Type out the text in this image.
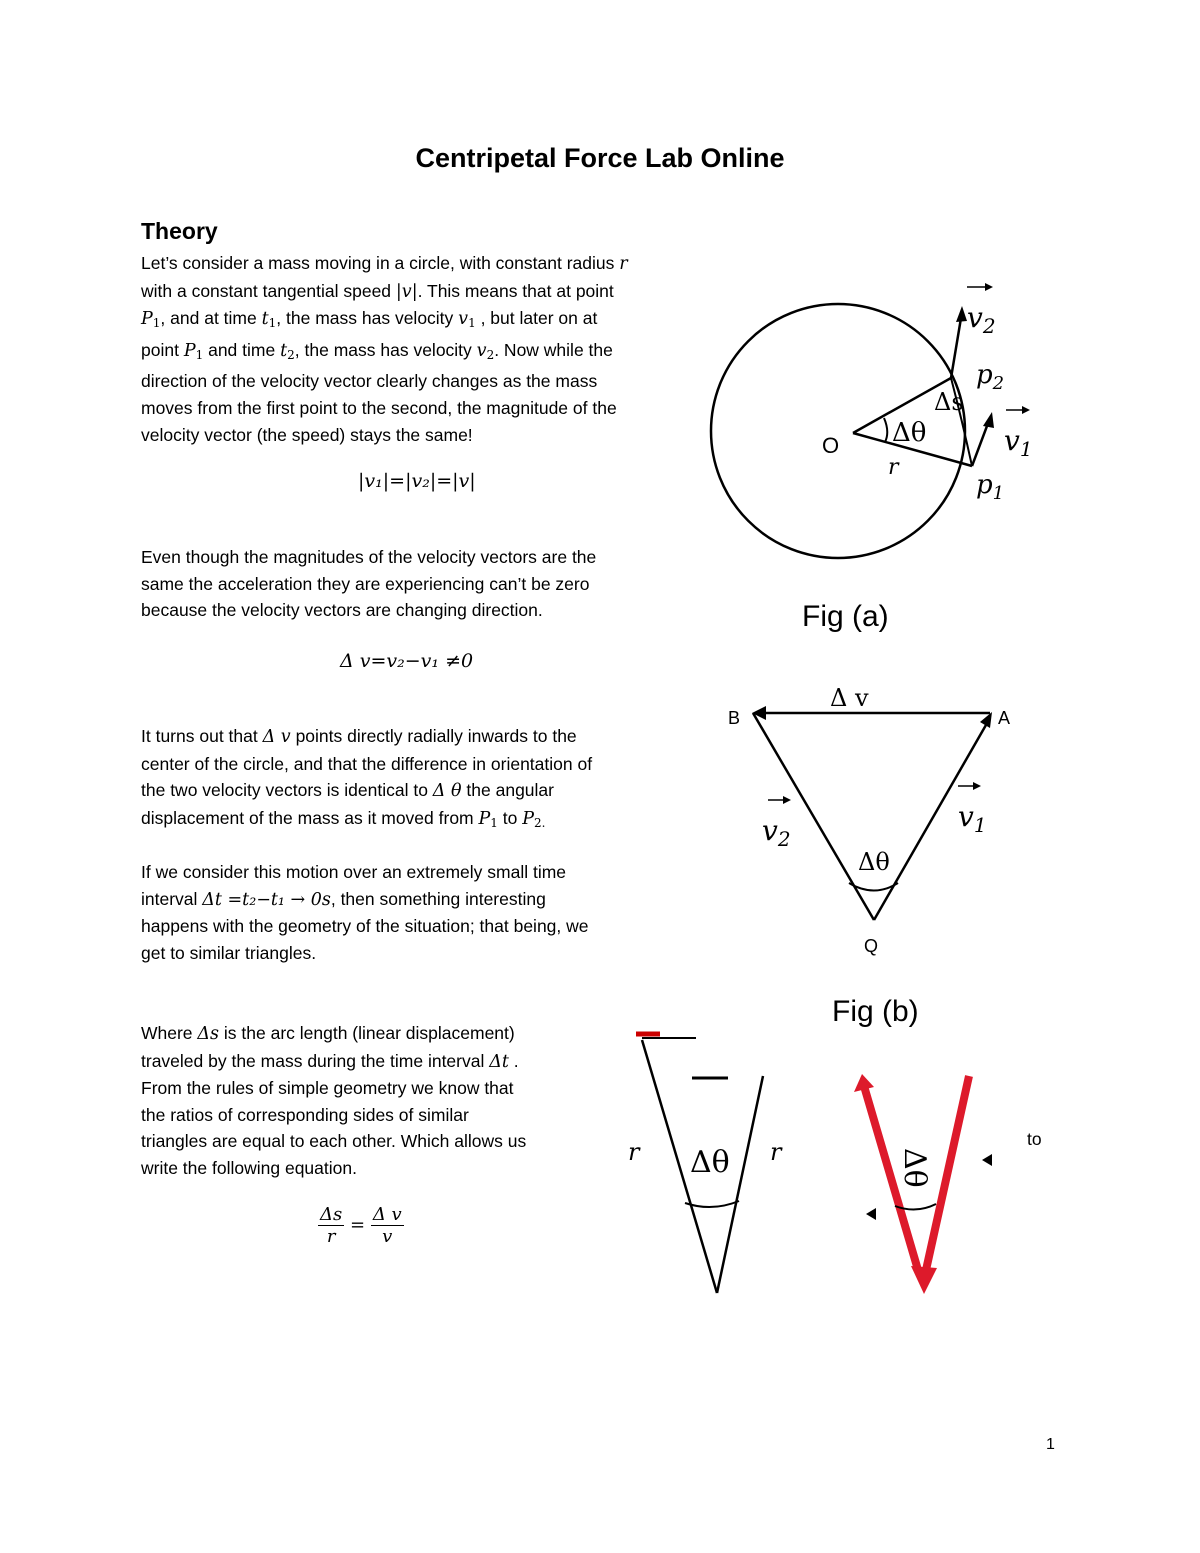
Centripetal Force Lab Online
Theory
Let’s consider a mass moving in a circle, with constant radius r
with a constant tangential speed |v|. This means that at point
$P_1$, and at time $t_1$, the mass has velocity $v_1$ , but later on at
point $P_1$ and time $t_2$, the mass has velocity $v_2$. Now while the
direction of the velocity vector clearly changes as the mass
moves from the first point to the second, the magnitude of the
velocity vector (the speed) stays the same!
|v₁|=|v₂|=|v|
Even though the magnitudes of the velocity vectors are the
same the acceleration they are experiencing can’t be zero
because the velocity vectors are changing direction.
Δ v=v₂−v₁ ≠0
It turns out that Δ v points directly radially inwards to the
center of the circle, and that the difference in orientation of
the two velocity vectors is identical to Δ θ the angular
displacement of the mass as it moved from $P_1$ to $P_{2.}$
If we consider this motion over an extremely small time
interval Δt =t₂−t₁ → 0s, then something interesting
happens with the geometry of the situation; that being, we
get to similar triangles.
Where Δs is the arc length (linear displacement)
traveled by the mass during the time interval Δt .
From the rules of simple geometry we know that
the ratios of corresponding sides of similar
triangles are equal to each other. Which allows us
write the following equation.
to
$\frac{\Delta s}{r} = \frac{\text{Δ v}}{v}$
O
r
Δθ
Δs
$p_2$
$p_1$
$v_2$
$v_1$
Fig (a)
B	A
Q
Δ v
Δθ
$v_2$
$v_1$
Fig (b)
r	r
Δθ	Δθ
1
